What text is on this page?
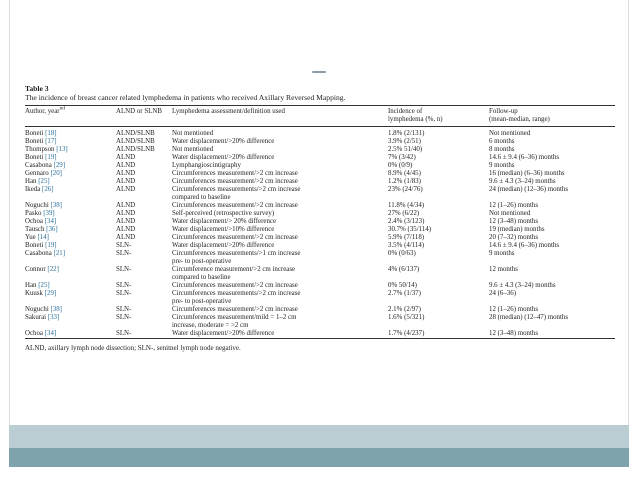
Table 3
The incidence of breast cancer related lymphedema in patients who received Axillary Reversed Mapping.
Author, year$^{ref}$	ALND or SLNB	Lymphedema assessment/definition used	Incidence of
lymphedema (%, n)	Follow-up
(mean-median, range)
Boneti [18]	ALND/SLNB	Not mentioned	1.8% (2/131)	Not mentioned
Boneti [17]	ALND/SLNB	Water displacement/>20% difference	3.9% (2/51)	6 months
Thompson [13]	ALND/SLNB	Not mentioned	2.5% 51/40)	8 months
Boneti [19]	ALND	Water displacement/>20% difference	7% (3/42)	14.6 ± 9.4 (6–36) months
Casabona [29]	ALND	Lymphangioscintigraphy	0% (0/9)	9 months
Gennaro [20]	ALND	Circumferences measurement/>2 cm increase	8.9% (4/45)	16 (median) (6–36) months
Han [25]	ALND	Circumferences measurement/>2 cm increase	1.2% (1/83)	9.6 ± 4.3 (3–24) months
Ikeda [26]	ALND	Circumferences measurements/>2 cm increase
compared to baseline	23% (24/76)	24 (median) (12–36) months
Noguchi [38]	ALND	Circumferences measurement/>2 cm increase	11.8% (4/34)	12 (1–26) months
Pasko [39]	ALND	Self-perceived (retrospective survey)	27% (6/22)	Not mentioned
Ochoa [34]	ALND	Water displacement/> 20% difference	2.4% (3/123)	12 (3–48) months
Tausch [36]	ALND	Water displacement/>10% difference	30.7% (35/114)	19 (median) months
Yue [14]	ALND	Circumferences measurement/>2 cm increase	5.9% (7/118)	20 (7–32) months
Boneti [19]	SLN-	Water displacement/>20% difference	3.5% (4/114)	14.6 ± 9.4 (6–36) months
Casabona [21]	SLN-	Circumferences measurements/>1 cm increase
pre- to post-operative	0% (0/63)	9 months
Connor [22]	SLN-	Circumference measurement/>2 cm increase
compared to baseline	4% (6/137)	12 months
Han [25]	SLN-	Circumferences measurement/>2 cm increase	0% 50/14)	9.6 ± 4.3 (3–24) months
Kuusk [29]	SLN-	Circumferences measurements/>2 cm increase
pre- to post-operative	2.7% (1/37)	24 (6–36)
Noguchi [38]	SLN-	Circumferences measurement/>2 cm increase	2.1% (2/97)	12 (1–26) months
Sakurai [33]	SLN-	Circumferences measurement/mild = 1–2 cm
increase, moderate = >2 cm	1.6% (5/321)	28 (median) (12–47) months
Ochoa [34]	SLN-	Water displacement/>20% difference	1.7% (4/237)	12 (3–48) months
ALND, axillary lymph node dissection; SLN-, senitnel lymph node negative.
